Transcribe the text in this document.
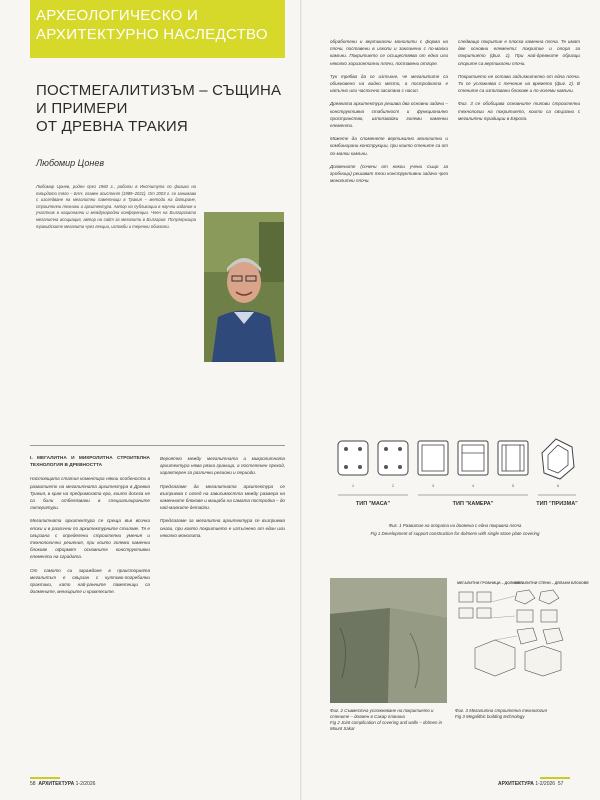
АРХЕОЛОГИЧЕСКО И
АРХИТЕКТУРНО НАСЛЕДСТВО
ПОСТМЕГАЛИТИЗЪМ – СЪЩИНА И ПРИМЕРИ
ОТ ДРЕВНА ТРАКИЯ
Любомир Цонев
Любомир Цонев, роден през 1960 г., работи в Института по физика на твърдото тяло – БАН, главен асистент (1989–2021). От 2003 г. се занимава с изследване на мегалитни паметници в Тракия – методи на датиране, строителни техники и архитектура. Автор на публикации в научни издания и участник в национални и международни конференции. Член на Българската мегалитна асоциация, автор на сайт за мегалити в България. Популяризира тракийските мегалити чрез лекции, изложби и теренни обиколки.

I. МЕГАЛИТНА И МИКРОЛИТНА СТРОИТЕЛНА ТЕХНОЛОГИЯ В ДРЕВНОСТТА

Настоящата статия коментира някои особености в развитието на мегалитната архитектура в Древна Тракия, в края на предримската ера, които досега не са били отбелязвани в специализираните литератури.

Мегалитната архитектура се среща във всички епохи и в различни по архитектурните стилове. Тя е свързана с определени строителни умения и технологични решения, при които големи каменни блокове оформят основните конструктивни елементи на сградата.

От самото си зараждане в праисторията мегалитът е свързан с култово-погребални практики, като най-ранните паметници са долмените, менхирите и кромлесите.

Вероятно между мегалитната и микролитната архитектура няма рязка граница, а постепенен преход, характерен за различни региони и периоди.

Предлагаме да мегалитната архитектура се възприема с оглед на зависимостта между размера на каменните блокове и мащаба на самата постройка – до най-малките детайли.

Предлагаме за мегалитна архитектура се възприема онази, при която покритието е изпълнено от един или няколко монолита.

58 АРХИТЕКТУРА 1-2/2026

обработени и вертикални монолити с форма на плочи, поставени в изкопи и заклинени с по-малки камъни. Покритието се осъществява от една или няколко хоризонтални плочи, поставени отгоре.

Тук трябва да се изтъкне, че мегалитите са обикновено на видно място, а постройката е напълно или частично засипана с насип.

Древната архитектура решава два основни задачи – конструктивна стабилност и функционално пространство, използвайки големи каменни елементи.

Можете да споменете вертикално монолитни и комбинирани конструкции, при които стените са от по-малки камъни.

Долмените (сочени от някои учени също за гробници) решават тези конструктивни задачи чрез монолитни плочи.

следващо покритие е плоска каменна плоча. Те имат две основни елементи: покритие и опора за покритието (фиг. 1). При най-древните образци опорите са вертикални плочи.

Покритието не остава задължително от една плоча. То се усложнява с течение на времето (фиг. 2). В стените са използвани блокове и по-големи камъни.

Фиг. 3 се обобщава основните типови строителни технологии на покритието, които са свързани с мегалитни традиции в Европа.

1	2	3	4	5	6
ТИП "МАСА"	ТИП "КАМЕРА"	ТИП "ПРИЗМА"
Фиг. 1 Развитие на опората на долмена с еднa покривна плоча
Fig 1 Development of support construction for dolmens with single stone plate covering
Фиг. 2 Съвместна усложняване на покритието и стените – долмен в Сакар планина
Fig 2 Joint complication of covering and walls – dolmen in Mount Sakar
МЕГАЛИТНИ ГРОБНИЦИ – ДОЛМЕНИ
МЕГАЛИТНИ СТЕНИ – ДЯЛАНИ БЛОКОВЕ
Фиг. 3 Мегалитна строителна технология
Fig 3 Megalithic building technology
АРХИТЕКТУРА 1-2/2026 57
